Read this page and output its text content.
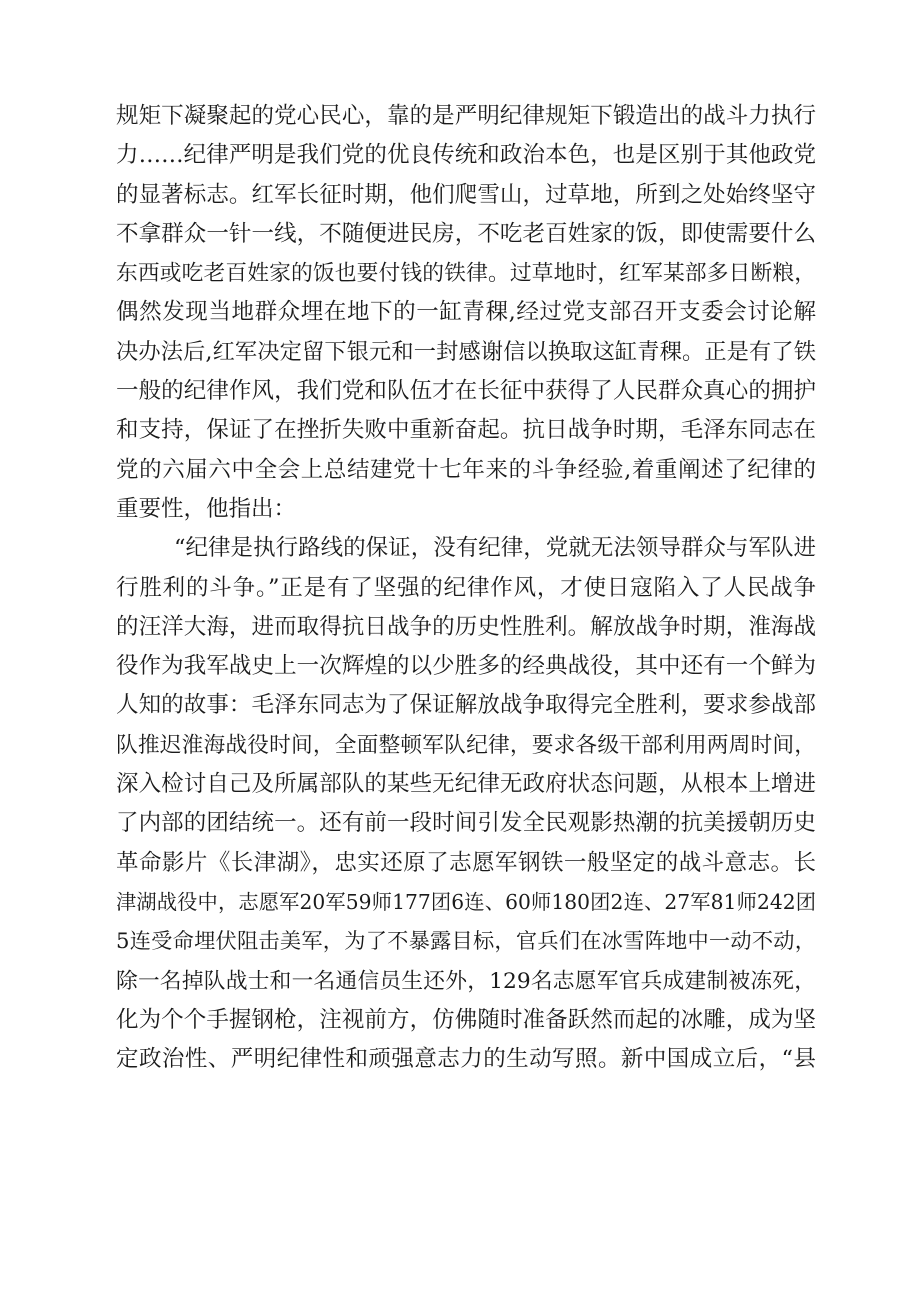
规矩下凝聚起的党心民心，靠的是严明纪律规矩下锻造出的战斗力执行
力……纪律严明是我们党的优良传统和政治本色，也是区别于其他政党
的显著标志。红军长征时期，他们爬雪山，过草地，所到之处始终坚守
不拿群众一针一线，不随便进民房，不吃老百姓家的饭，即使需要什么
东西或吃老百姓家的饭也要付钱的铁律。过草地时，红军某部多日断粮，
偶然发现当地群众埋在地下的一缸青稞,经过党支部召开支委会讨论解
决办法后,红军决定留下银元和一封感谢信以换取这缸青稞。正是有了铁
一般的纪律作风，我们党和队伍才在长征中获得了人民群众真心的拥护
和支持，保证了在挫折失败中重新奋起。抗日战争时期，毛泽东同志在
党的六届六中全会上总结建党十七年来的斗争经验,着重阐述了纪律的
重要性，他指出：
“纪律是执行路线的保证，没有纪律，党就无法领导群众与军队进
行胜利的斗争。”正是有了坚强的纪律作风，才使日寇陷入了人民战争
的汪洋大海，进而取得抗日战争的历史性胜利。解放战争时期，淮海战
役作为我军战史上一次辉煌的以少胜多的经典战役，其中还有一个鲜为
人知的故事：毛泽东同志为了保证解放战争取得完全胜利，要求参战部
队推迟淮海战役时间，全面整顿军队纪律，要求各级干部利用两周时间，
深入检讨自己及所属部队的某些无纪律无政府状态问题，从根本上增进
了内部的团结统一。还有前一段时间引发全民观影热潮的抗美援朝历史
革命影片《长津湖》，忠实还原了志愿军钢铁一般坚定的战斗意志。长
津湖战役中，志愿军20军59师177团6连、60师180团2连、27军81师242团
5连受命埋伏阻击美军，为了不暴露目标，官兵们在冰雪阵地中一动不动，
除一名掉队战士和一名通信员生还外，129名志愿军官兵成建制被冻死，
化为个个手握钢枪，注视前方，仿佛随时准备跃然而起的冰雕，成为坚
定政治性、严明纪律性和顽强意志力的生动写照。新中国成立后，“县
